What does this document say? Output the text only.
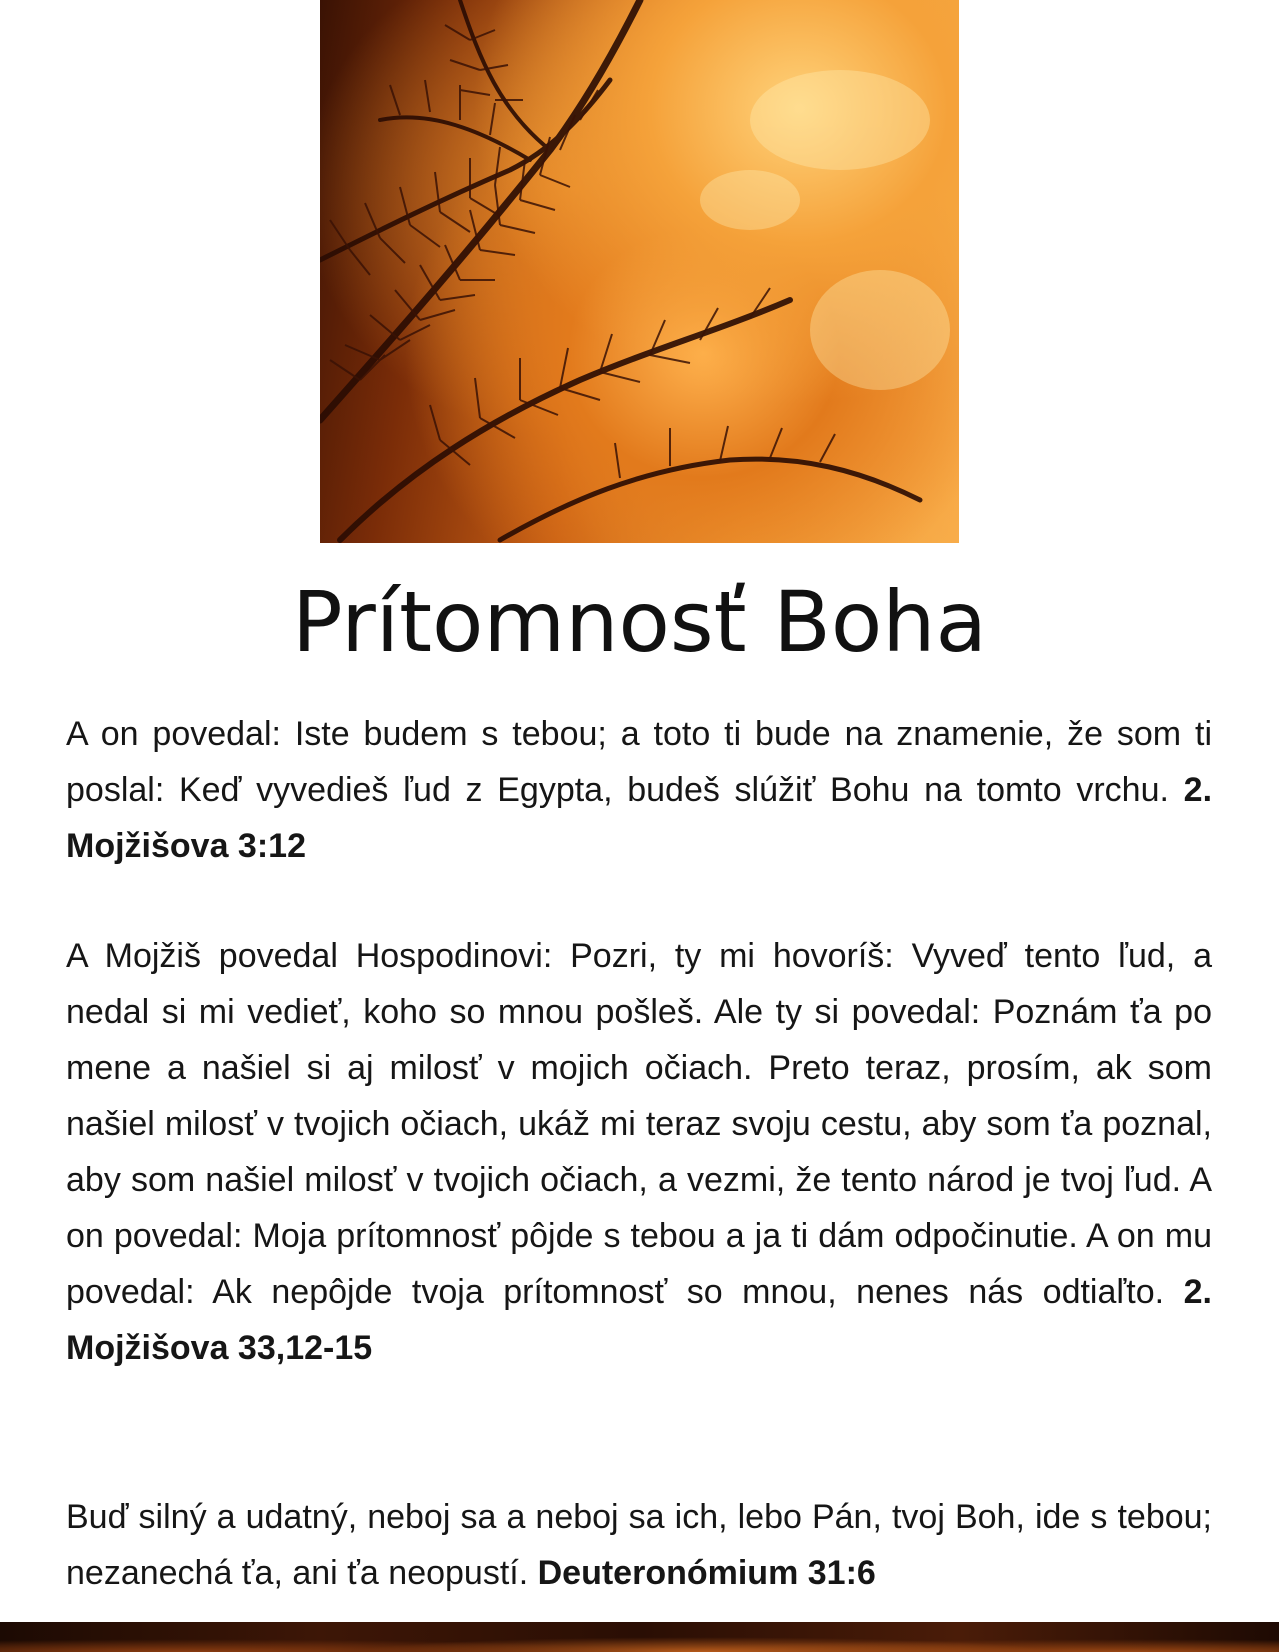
Prítomnosť Boha

A on povedal: Iste budem s tebou; a toto ti bude na znamenie, že som ti poslal: Keď vyvedieš ľud z Egypta, budeš slúžiť Bohu na tomto vrchu. 2. Mojžišova 3:12

A Mojžiš povedal Hospodinovi: Pozri, ty mi hovoríš: Vyveď tento ľud, a nedal si mi vedieť, koho so mnou pošleš. Ale ty si povedal: Poznám ťa po mene a našiel si aj milosť v mojich očiach. Preto teraz, prosím, ak som našiel milosť v tvojich očiach, ukáž mi teraz svoju cestu, aby som ťa poznal, aby som našiel milosť v tvojich očiach, a vezmi, že tento národ je tvoj ľud. A on povedal: Moja prítomnosť pôjde s tebou a ja ti dám odpočinutie. A on mu povedal: Ak nepôjde tvoja prítomnosť so mnou, nenes nás odtiaľto. 2. Mojžišova 33,12-15

Buď silný a udatný, neboj sa a neboj sa ich, lebo Pán, tvoj Boh, ide s tebou; nezanechá ťa, ani ťa neopustí. Deuteronómium 31:6
